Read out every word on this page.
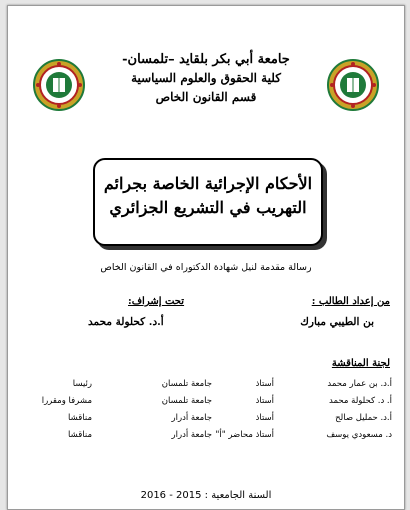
جامعة أبي بكر بلقايد –تلمسان-
كلية الحقوق والعلوم السياسية
قسم القانون الخاص
الأحكام الإجرائية الخاصة بجرائم
التهريب في التشريع الجزائري
رسالة مقدمة لنيل شهادة الدكتوراه في القانون الخاص
من إعداد الطالب :
بن الطيبي مبارك
تحت إشراف:
أ.د. كحلولة محمد
لجنة المناقشة
أ.د. بن عمار محمد
أستاذ
جامعة تلمسان
رئيسا
أ. د. كحلولة محمد
أستاذ
جامعة تلمسان
مشرفا ومقررا
أ.د. حمليل صالح
أستاذ
جامعة أدرار
مناقشا
د. مسعودي يوسف
أستاذ محاضر "أ"
جامعة أدرار
مناقشا
السنة الجامعية : 2015 - 2016
